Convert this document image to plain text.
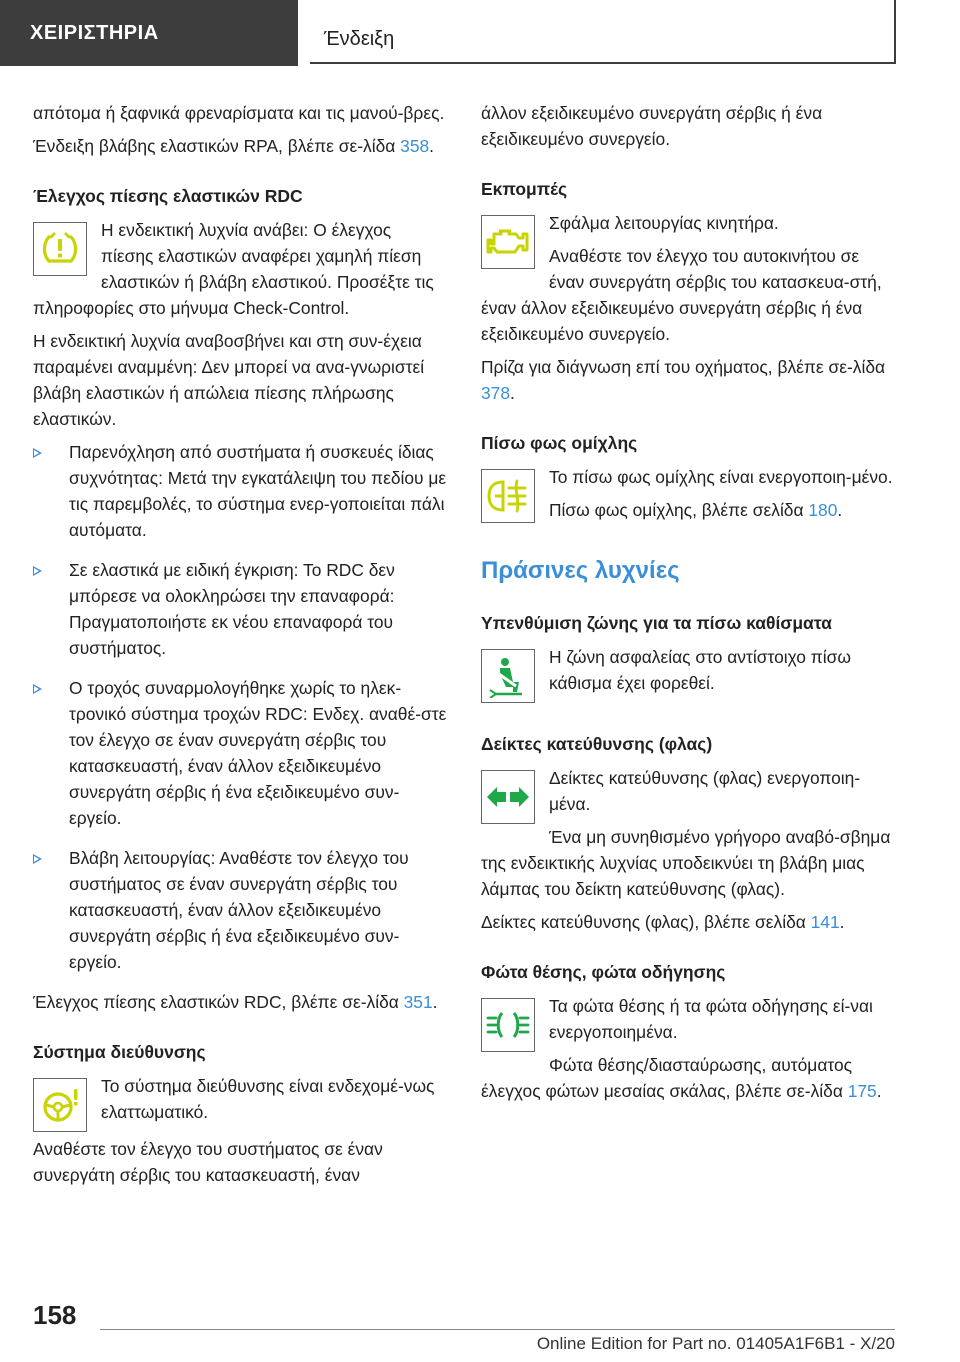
ΧΕΙΡΙΣΤΗΡΙΑ	Ένδειξη

απότομα ή ξαφνικά φρεναρίσματα και τις μανού-βρες.

Ένδειξη βλάβης ελαστικών RPA, βλέπε σε-λίδα 358.

Έλεγχος πίεσης ελαστικών RDC

Η ενδεικτική λυχνία ανάβει: Ο έλεγχος πίεσης ελαστικών αναφέρει χαμηλή πίεση ελαστικών ή βλάβη ελαστικού. Προσέξτε τις πληροφορίες στο μήνυμα Check-Control.

Η ενδεικτική λυχνία αναβοσβήνει και στη συν-έχεια παραμένει αναμμένη: Δεν μπορεί να ανα-γνωριστεί βλάβη ελαστικών ή απώλεια πίεσης πλήρωσης ελαστικών.

Παρενόχληση από συστήματα ή συσκευές ίδιας συχνότητας: Μετά την εγκατάλειψη του πεδίου με τις παρεμβολές, το σύστημα ενερ-γοποιείται πάλι αυτόματα.
Σε ελαστικά με ειδική έγκριση: Το RDC δεν μπόρεσε να ολοκληρώσει την επαναφορά: Πραγματοποιήστε εκ νέου επαναφορά του συστήματος.
Ο τροχός συναρμολογήθηκε χωρίς το ηλεκ-τρονικό σύστημα τροχών RDC: Ενδεχ. αναθέ-στε τον έλεγχο σε έναν συνεργάτη σέρβις του κατασκευαστή, έναν άλλον εξειδικευμένο συνεργάτη σέρβις ή ένα εξειδικευμένο συν-εργείο.
Βλάβη λειτουργίας: Αναθέστε τον έλεγχο του συστήματος σε έναν συνεργάτη σέρβις του κατασκευαστή, έναν άλλον εξειδικευμένο συνεργάτη σέρβις ή ένα εξειδικευμένο συν-εργείο.

Έλεγχος πίεσης ελαστικών RDC, βλέπε σε-λίδα 351.

Σύστημα διεύθυνσης

Το σύστημα διεύθυνσης είναι ενδεχομέ-νως ελαττωματικό.

Αναθέστε τον έλεγχο του συστήματος σε έναν συνεργάτη σέρβις του κατασκευαστή, έναν

άλλον εξειδικευμένο συνεργάτη σέρβις ή ένα εξειδικευμένο συνεργείο.

Εκπομπές

Σφάλμα λειτουργίας κινητήρα.

Αναθέστε τον έλεγχο του αυτοκινήτου σε έναν συνεργάτη σέρβις του κατασκευα-στή, έναν άλλον εξειδικευμένο συνεργάτη σέρβις ή ένα εξειδικευμένο συνεργείο.

Πρίζα για διάγνωση επί του οχήματος, βλέπε σε-λίδα 378.

Πίσω φως ομίχλης

Το πίσω φως ομίχλης είναι ενεργοποιη-μένο.

Πίσω φως ομίχλης, βλέπε σελίδα 180.

Πράσινες λυχνίες
Υπενθύμιση ζώνης για τα πίσω καθίσματα

Η ζώνη ασφαλείας στο αντίστοιχο πίσω κάθισμα έχει φορεθεί.

Δείκτες κατεύθυνσης (φλας)

Δείκτες κατεύθυνσης (φλας) ενεργοποιη-μένα.

Ένα μη συνηθισμένο γρήγορο αναβό-σβημα της ενδεικτικής λυχνίας υποδεικνύει τη βλάβη μιας λάμπας του δείκτη κατεύθυνσης (φλας).

Δείκτες κατεύθυνσης (φλας), βλέπε σελίδα 141.

Φώτα θέσης, φώτα οδήγησης

Τα φώτα θέσης ή τα φώτα οδήγησης εί-ναι ενεργοποιημένα.

Φώτα θέσης/διασταύρωσης, αυτόματος έλεγχος φώτων μεσαίας σκάλας, βλέπε σε-λίδα 175.

158
Online Edition for Part no. 01405A1F6B1 - X/20
